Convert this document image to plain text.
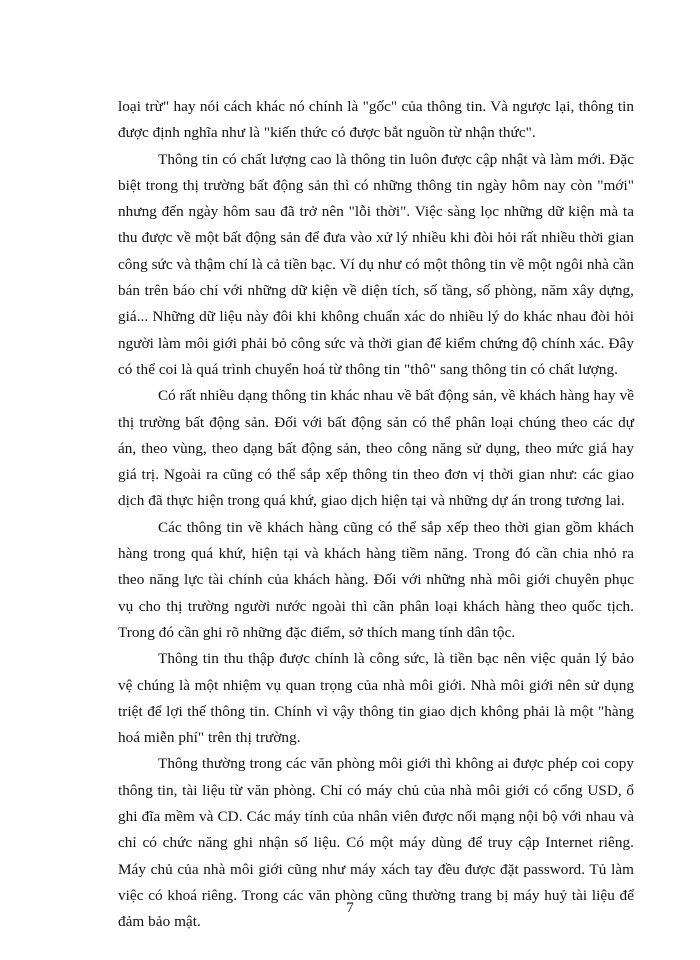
loại trừ" hay nói cách khác nó chính là "gốc" của thông tin. Và ngược lại, thông tin được định nghĩa như là "kiến thức có được bắt nguồn từ nhận thức".

Thông tin có chất lượng cao là thông tin luôn được cập nhật và làm mới. Đặc biệt trong thị trường bất động sản thì có những thông tin ngày hôm nay còn "mới" nhưng đến ngày hôm sau đã trở nên "lỗi thời". Việc sàng lọc những dữ kiện mà ta thu được về một bất động sản để đưa vào xử lý nhiều khi đòi hỏi rất nhiều thời gian công sức và thậm chí là cả tiền bạc. Ví dụ như có một thông tin về một ngôi nhà cần bán trên báo chí với những dữ kiện về diện tích, số tầng, số phòng, năm xây dựng, giá... Những dữ liệu này đôi khi không chuẩn xác do nhiều lý do khác nhau đòi hỏi người làm môi giới phải bỏ công sức và thời gian để kiểm chứng độ chính xác. Đây có thể coi là quá trình chuyển hoá từ thông tin "thô" sang thông tin có chất lượng.

Có rất nhiều dạng thông tin khác nhau về bất động sản, về khách hàng hay về thị trường bất động sản. Đối với bất động sản có thể phân loại chúng theo các dự án, theo vùng, theo dạng bất động sản, theo công năng sử dụng, theo mức giá hay giá trị. Ngoài ra cũng có thể sắp xếp thông tin theo đơn vị thời gian như: các giao dịch đã thực hiện trong quá khứ, giao dịch hiện tại và những dự án trong tương lai.

Các thông tin về khách hàng cũng có thể sắp xếp theo thời gian gồm khách hàng trong quá khứ, hiện tại và khách hàng tiềm năng. Trong đó cần chia nhỏ ra theo năng lực tài chính của khách hàng. Đối với những nhà môi giới chuyên phục vụ cho thị trường người nước ngoài thì cần phân loại khách hàng theo quốc tịch. Trong đó cần ghi rõ những đặc điểm, sở thích mang tính dân tộc.

Thông tin thu thập được chính là công sức, là tiền bạc nên việc quản lý bảo vệ chúng là một nhiệm vụ quan trọng của nhà môi giới. Nhà môi giới nên sử dụng triệt để lợi thế thông tin. Chính vì vậy thông tin giao dịch không phải là một "hàng hoá miễn phí" trên thị trường.

Thông thường trong các văn phòng môi giới thì không ai được phép coi copy thông tin, tài liệu từ văn phòng. Chỉ có máy chủ của nhà môi giới có cổng USD, ổ ghi đĩa mềm và CD. Các máy tính của nhân viên được nối mạng nội bộ với nhau và chỉ có chức năng ghi nhận số liệu. Có một máy dùng để truy cập Internet riêng. Máy chủ của nhà môi giới cũng như máy xách tay đều được đặt password. Tủ làm việc có khoá riêng. Trong các văn phòng cũng thường trang bị máy huỷ tài liệu để đảm bảo mật.

7
